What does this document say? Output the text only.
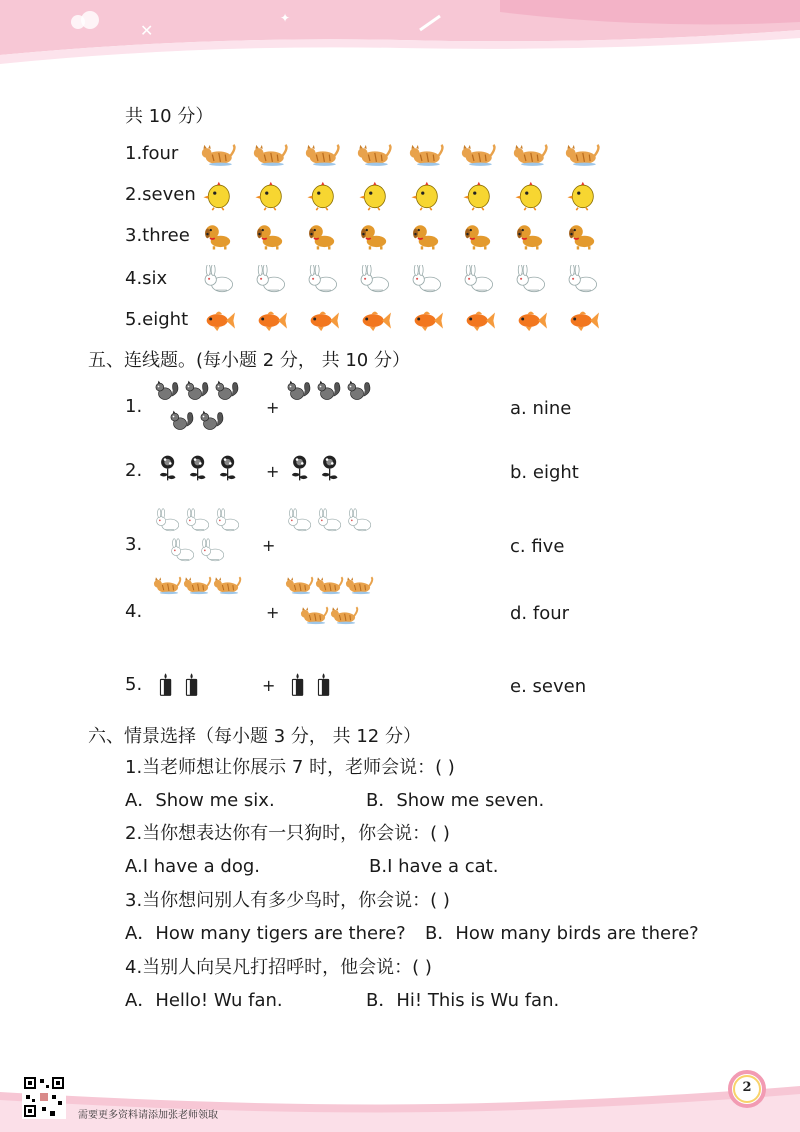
✕
✦
共 10 分）
1.four
2.seven
3.three
4.six
5.eight
五、连线题。(每小题 2 分， 共 10 分）
1.	+	a. nine
2.	+	b. eight
3.	+	c. five
4.	+	d. four
5.	+	e. seven
六、情景选择（每小题 3 分， 共 12 分）
1.当老师想让你展示 7 时，老师会说：( )
A．Show me six.	B．Show me seven.
2.当你想表达你有一只狗时，你会说：( )
A.I have a dog.	B.I have a cat.
3.当你想问别人有多少鸟时，你会说：( )
A．How many tigers are there? B．How many birds are there?
4.当别人向吴凡打招呼时，他会说：( )
A．Hello! Wu fan.	B．Hi! This is Wu fan.
需要更多资料请添加张老师领取
2
